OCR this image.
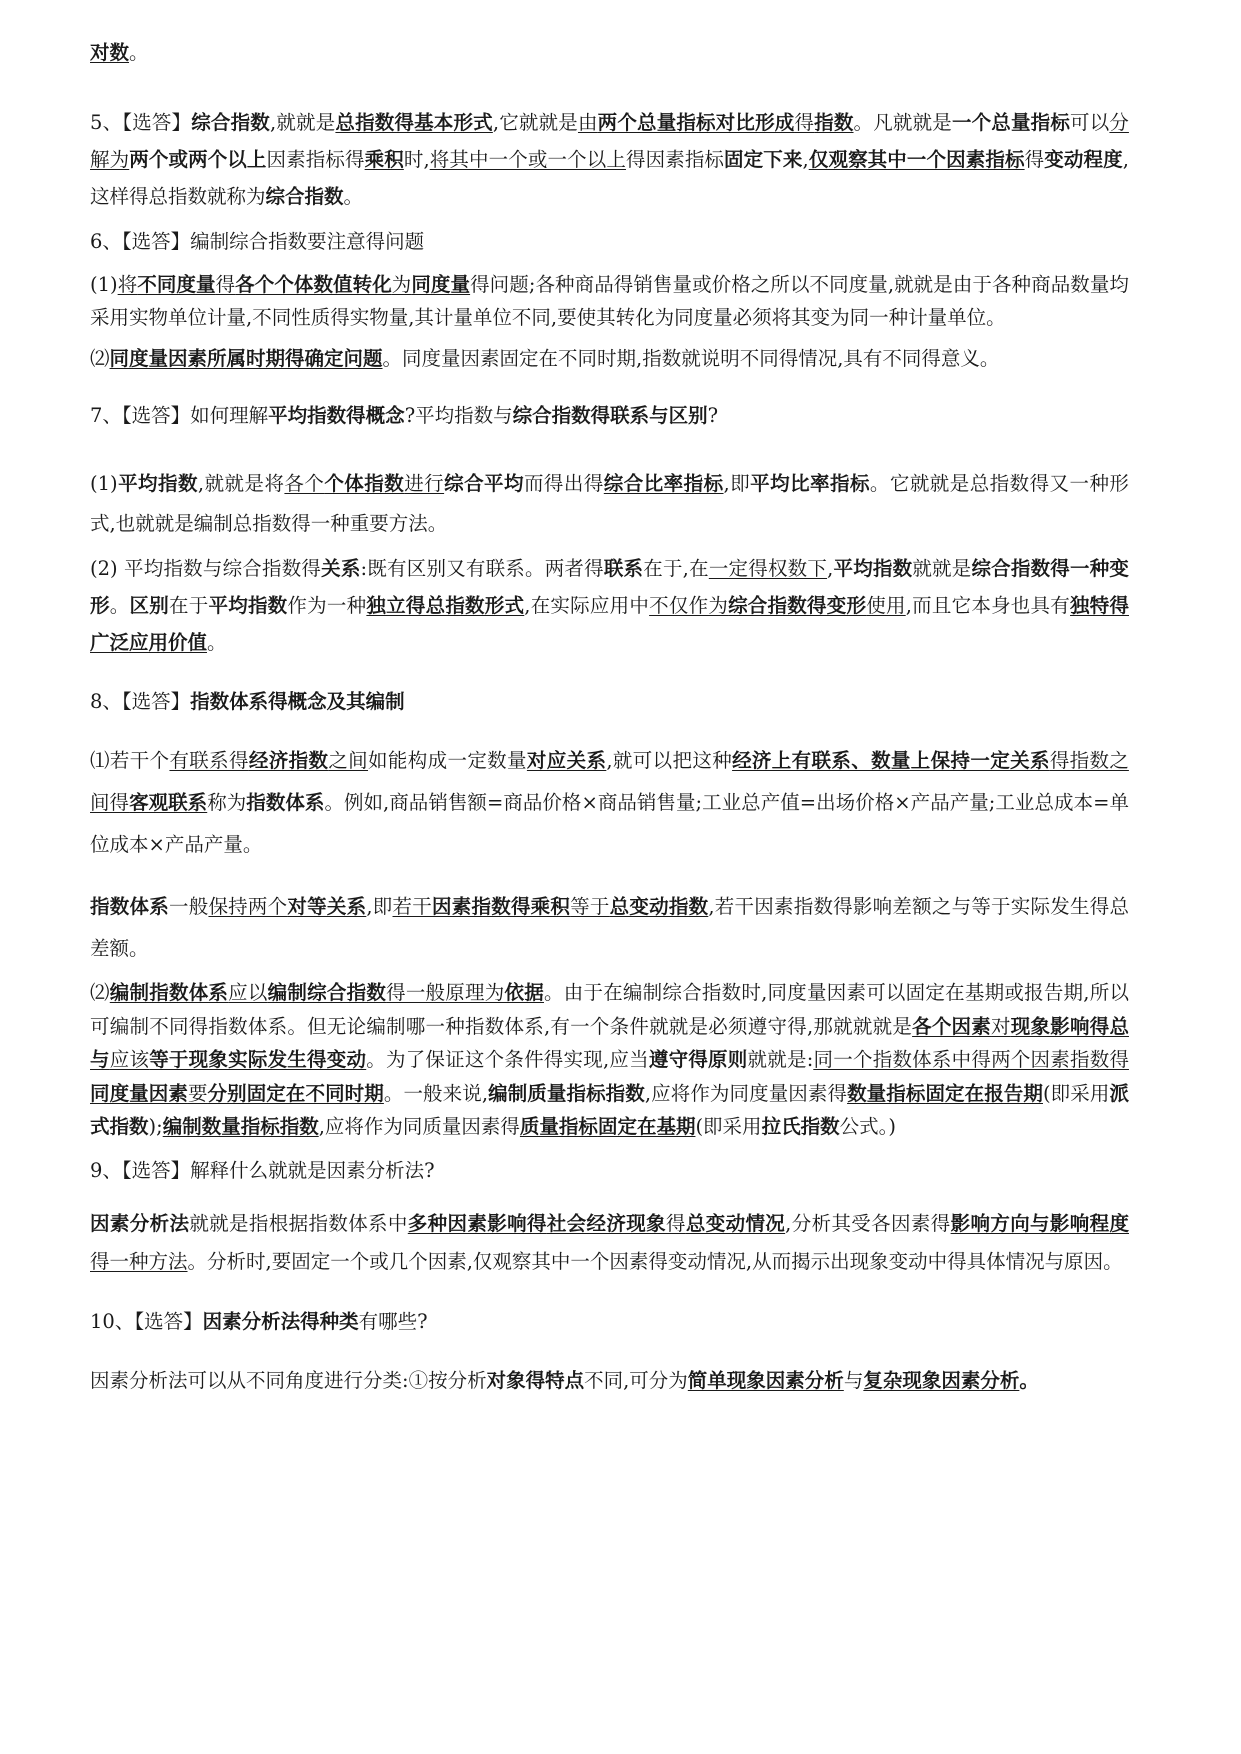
对数。

5、【选答】综合指数,就就是总指数得基本形式,它就就是由两个总量指标对比形成得指数。凡就就是一个总量指标可以分解为两个或两个以上因素指标得乘积时,将其中一个或一个以上得因素指标固定下来,仅观察其中一个因素指标得变动程度,这样得总指数就称为综合指数。

6、【选答】编制综合指数要注意得问题

(1)将不同度量得各个个体数值转化为同度量得问题;各种商品得销售量或价格之所以不同度量,就就是由于各种商品数量均采用实物单位计量,不同性质得实物量,其计量单位不同,要使其转化为同度量必须将其变为同一种计量单位。

⑵同度量因素所属时期得确定问题。同度量因素固定在不同时期,指数就说明不同得情况,具有不同得意义。

7、【选答】如何理解平均指数得概念?平均指数与综合指数得联系与区别?

(1)平均指数,就就是将各个个体指数进行综合平均而得出得综合比率指标,即平均比率指标。它就就是总指数得又一种形式,也就就是编制总指数得一种重要方法。

(2) 平均指数与综合指数得关系:既有区别又有联系。两者得联系在于,在一定得权数下,平均指数就就是综合指数得一种变形。区别在于平均指数作为一种独立得总指数形式,在实际应用中不仅作为综合指数得变形使用,而且它本身也具有独特得广泛应用价值。

8、【选答】指数体系得概念及其编制

⑴若干个有联系得经济指数之间如能构成一定数量对应关系,就可以把这种经济上有联系、数量上保持一定关系得指数之间得客观联系称为指数体系。例如,商品销售额=商品价格×商品销售量;工业总产值=出场价格×产品产量;工业总成本=单位成本×产品产量。

指数体系一般保持两个对等关系,即若干因素指数得乘积等于总变动指数,若干因素指数得影响差额之与等于实际发生得总差额。

⑵编制指数体系应以编制综合指数得一般原理为依据。由于在编制综合指数时,同度量因素可以固定在基期或报告期,所以可编制不同得指数体系。但无论编制哪一种指数体系,有一个条件就就是必须遵守得,那就就就是各个因素对现象影响得总与应该等于现象实际发生得变动。为了保证这个条件得实现,应当遵守得原则就就是:同一个指数体系中得两个因素指数得同度量因素要分别固定在不同时期。一般来说,编制质量指标指数,应将作为同度量因素得数量指标固定在报告期(即采用派式指数);编制数量指标指数,应将作为同质量因素得质量指标固定在基期(即采用拉氏指数公式。)

9、【选答】解释什么就就是因素分析法?

因素分析法就就是指根据指数体系中多种因素影响得社会经济现象得总变动情况,分析其受各因素得影响方向与影响程度得一种方法。分析时,要固定一个或几个因素,仅观察其中一个因素得变动情况,从而揭示出现象变动中得具体情况与原因。

10、【选答】因素分析法得种类有哪些?

因素分析法可以从不同角度进行分类:①按分析对象得特点不同,可分为简单现象因素分析与复杂现象因素分析。
